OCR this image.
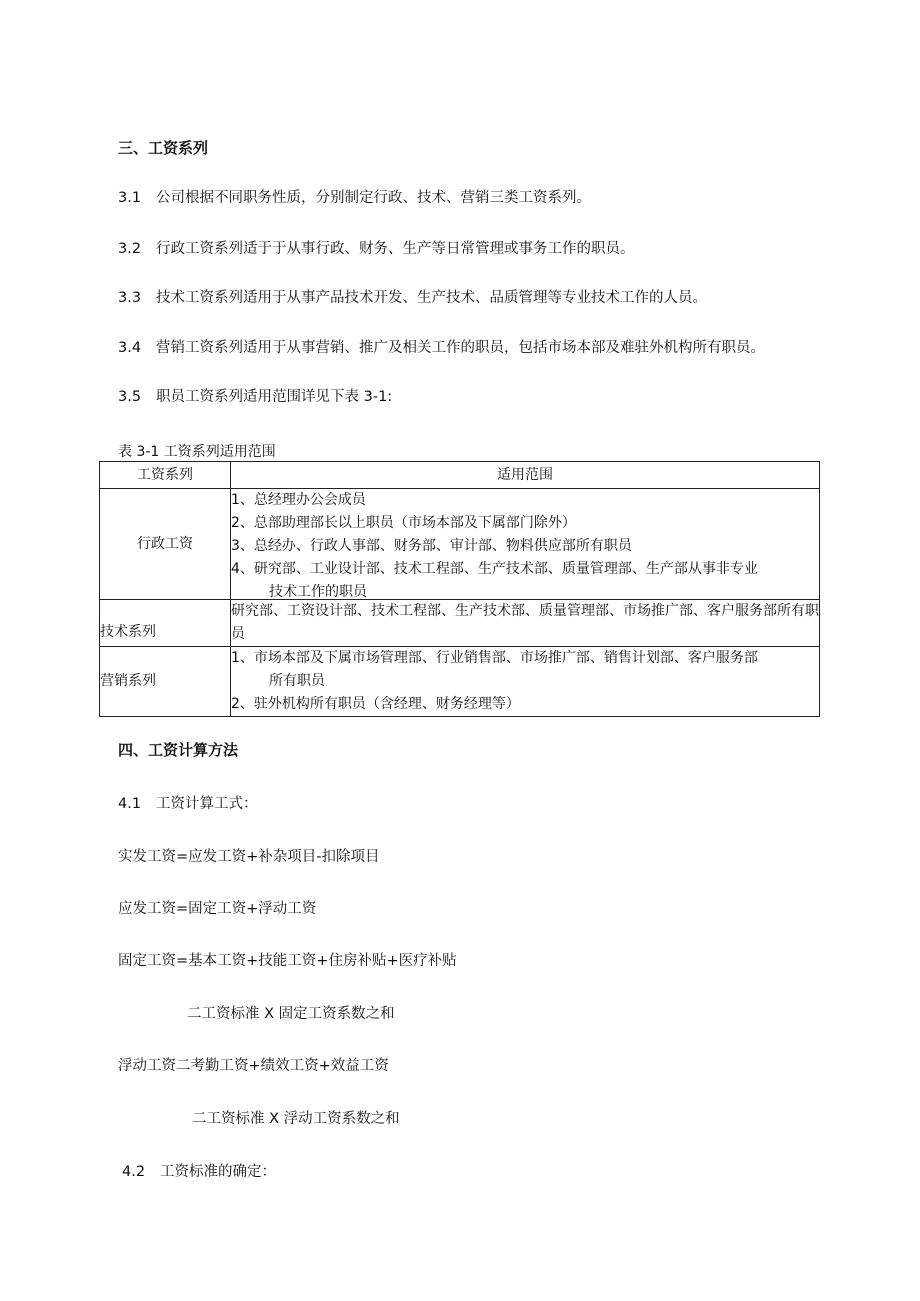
三、工资系列
3.1 公司根据不同职务性质，分别制定行政、技术、营销三类工资系列。
3.2 行政工资系列适于于从事行政、财务、生产等日常管理或事务工作的职员。
3.3 技术工资系列适用于从事产品技术开发、生产技术、品质管理等专业技术工作的人员。
3.4 营销工资系列适用于从事营销、推广及相关工作的职员，包括市场本部及难驻外机构所有职员。
3.5 职员工资系列适用范围详见下表 3-1:
表 3-1 工资系列适用范围
工资系列	适用范围
行政工资	1、总经理办公会成员
2、总部助理部长以上职员（市场本部及下属部门除外）
3、总经办、行政人事部、财务部、审计部、物料供应部所有职员
4、研究部、工业设计部、技术工程部、生产技术部、质量管理部、生产部从事非专业
技术工作的职员

技术系列	研究部、工资设计部、技术工程部、生产技术部、质量管理部、市场推广部、客户服务部所有职员
营销系列	1、市场本部及下属市场管理部、行业销售部、市场推广部、销售计划部、客户服务部
所有职员
2、驻外机构所有职员（含经理、财务经理等）
四、工资计算方法
4.1 工资计算工式：
实发工资=应发工资+补杂项目-扣除项目
应发工资=固定工资+浮动工资
固定工资=基本工资+技能工资+住房补贴+医疗补贴
二工资标准 X 固定工资系数之和
浮动工资二考勤工资+绩效工资+效益工资
二工资标准 X 浮动工资系数之和
4.2 工资标准的确定：
